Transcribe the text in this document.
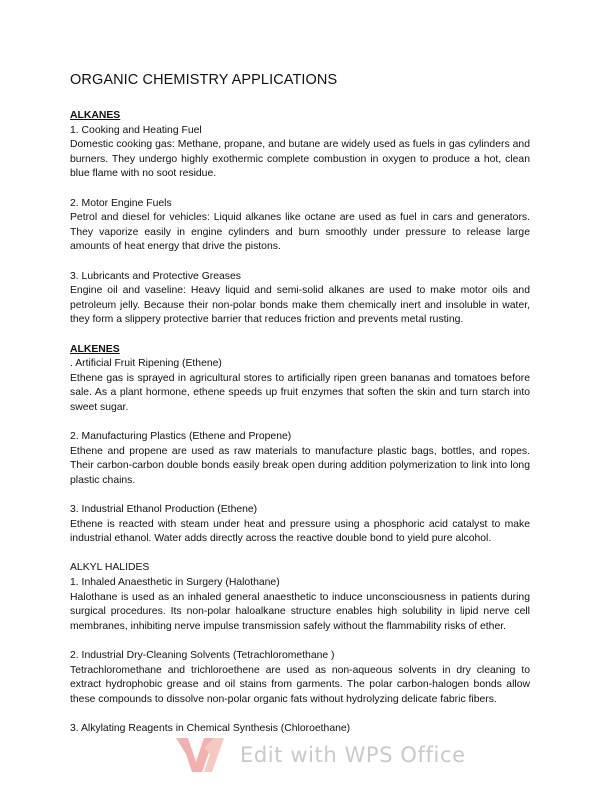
ORGANIC CHEMISTRY APPLICATIONS

ALKANES

1. Cooking and Heating Fuel

Domestic cooking gas: Methane, propane, and butane are widely used as fuels in gas cylinders and burners. They undergo highly exothermic complete combustion in oxygen to produce a hot, clean blue flame with no soot residue.

2. Motor Engine Fuels

Petrol and diesel for vehicles: Liquid alkanes like octane are used as fuel in cars and generators. They vaporize easily in engine cylinders and burn smoothly under pressure to release large amounts of heat energy that drive the pistons.

3. Lubricants and Protective Greases

Engine oil and vaseline: Heavy liquid and semi-solid alkanes are used to make motor oils and petroleum jelly. Because their non-polar bonds make them chemically inert and insoluble in water, they form a slippery protective barrier that reduces friction and prevents metal rusting.

ALKENES

. Artificial Fruit Ripening (Ethene)

Ethene gas is sprayed in agricultural stores to artificially ripen green bananas and tomatoes before sale. As a plant hormone, ethene speeds up fruit enzymes that soften the skin and turn starch into sweet sugar.

2. Manufacturing Plastics (Ethene and Propene)

Ethene and propene are used as raw materials to manufacture plastic bags, bottles, and ropes. Their carbon-carbon double bonds easily break open during addition polymerization to link into long plastic chains.

3. Industrial Ethanol Production (Ethene)

Ethene is reacted with steam under heat and pressure using a phosphoric acid catalyst to make industrial ethanol. Water adds directly across the reactive double bond to yield pure alcohol.

ALKYL HALIDES

1. Inhaled Anaesthetic in Surgery (Halothane)

Halothane is used as an inhaled general anaesthetic to induce unconsciousness in patients during surgical procedures. Its non-polar haloalkane structure enables high solubility in lipid nerve cell membranes, inhibiting nerve impulse transmission safely without the flammability risks of ether.

2. Industrial Dry-Cleaning Solvents (Tetrachloromethane )

Tetrachloromethane and trichloroethene are used as non-aqueous solvents in dry cleaning to extract hydrophobic grease and oil stains from garments. The polar carbon-halogen bonds allow these compounds to dissolve non-polar organic fats without hydrolyzing delicate fabric fibers.

3. Alkylating Reagents in Chemical Synthesis (Chloroethane)

Edit with WPS Office
